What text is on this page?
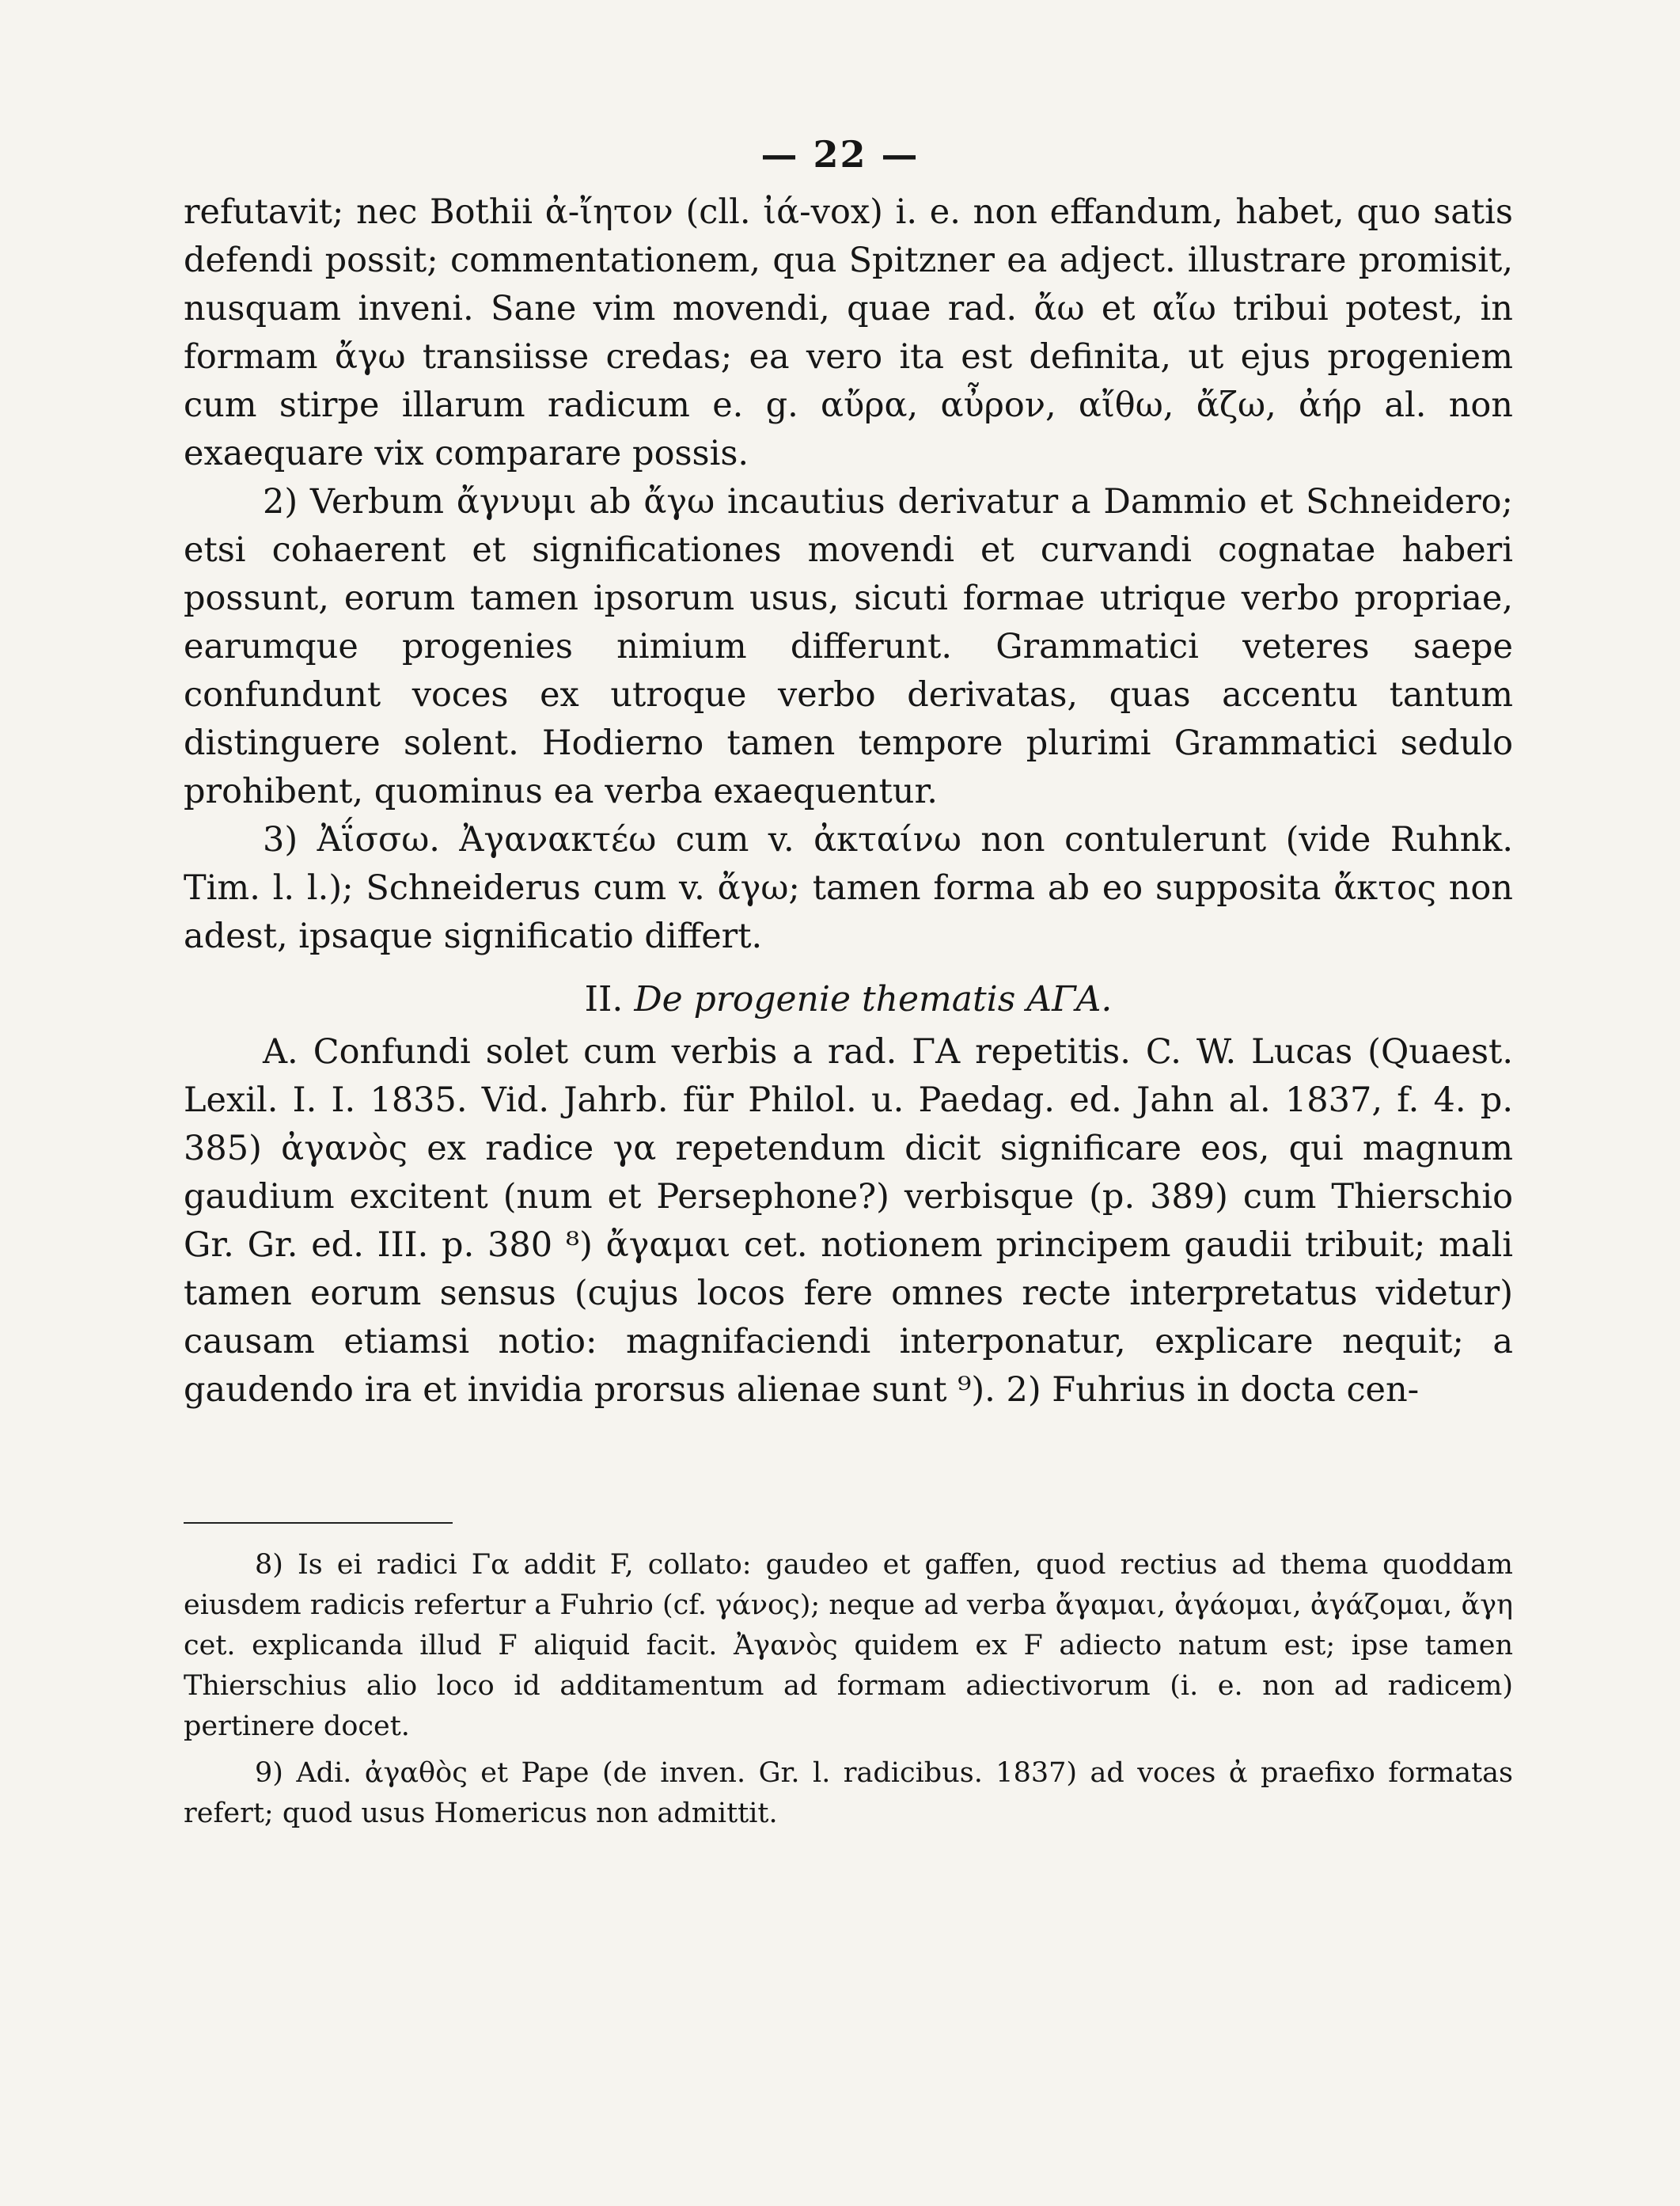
— 22 —

refutavit; nec Bothii ἀ-ἴητον (cll. ἰά-vox) i. e. non effandum, habet, quo satis defendi possit; commentationem, qua Spitzner ea adject. illustrare promisit, nusquam inveni. Sane vim movendi, quae rad. ἄω et αἴω tribui potest, in formam ἄγω transiisse credas; ea vero ita est definita, ut ejus progeniem cum stirpe illarum radicum e. g. αὔρα, αὖρον, αἴθω, ἄζω, ἀήρ al. non exaequare vix comparare possis.

2) Verbum ἄγνυμι ab ἄγω incautius derivatur a Dammio et Schneidero; etsi cohaerent et significationes movendi et curvandi cognatae haberi possunt, eorum tamen ipsorum usus, sicuti formae utrique verbo propriae, earumque progenies nimium differunt. Grammatici veteres saepe confundunt voces ex utroque verbo derivatas, quas accentu tantum distinguere solent. Hodierno tamen tempore plurimi Grammatici sedulo prohibent, quominus ea verba exaequentur.

3) Ἀΐσσω. Ἀγανακτέω cum v. ἀκταίνω non contulerunt (vide Ruhnk. Tim. l. l.); Schneiderus cum v. ἄγω; tamen forma ab eo supposita ἄκτος non adest, ipsaque significatio differt.

II. De progenie thematis ΑΓΑ.

A. Confundi solet cum verbis a rad. ΓΑ repetitis. C. W. Lucas (Quaest. Lexil. I. I. 1835. Vid. Jahrb. für Philol. u. Paedag. ed. Jahn al. 1837, f. 4. p. 385) ἀγανὸς ex radice γα repetendum dicit significare eos, qui magnum gaudium excitent (num et Persephone?) verbisque (p. 389) cum Thierschio Gr. Gr. ed. III. p. 380 ⁸) ἄγαμαι cet. notionem principem gaudii tribuit; mali tamen eorum sensus (cujus locos fere omnes recte interpretatus videtur) causam etiamsi notio: magnifaciendi interponatur, explicare nequit; a gaudendo ira et invidia prorsus alienae sunt ⁹). 2) Fuhrius in docta cen-

8) Is ei radici Γα addit F, collato: gaudeo et gaffen, quod rectius ad thema quoddam eiusdem radicis refertur a Fuhrio (cf. γάνος); neque ad verba ἄγαμαι, ἀγάομαι, ἀγάζομαι, ἄγη cet. explicanda illud F aliquid facit. Ἀγανὸς quidem ex F adiecto natum est; ipse tamen Thierschius alio loco id additamentum ad formam adiectivorum (i. e. non ad radicem) pertinere docet.

9) Adi. ἀγαθὸς et Pape (de inven. Gr. l. radicibus. 1837) ad voces ἀ praefixo formatas refert; quod usus Homericus non admittit.
